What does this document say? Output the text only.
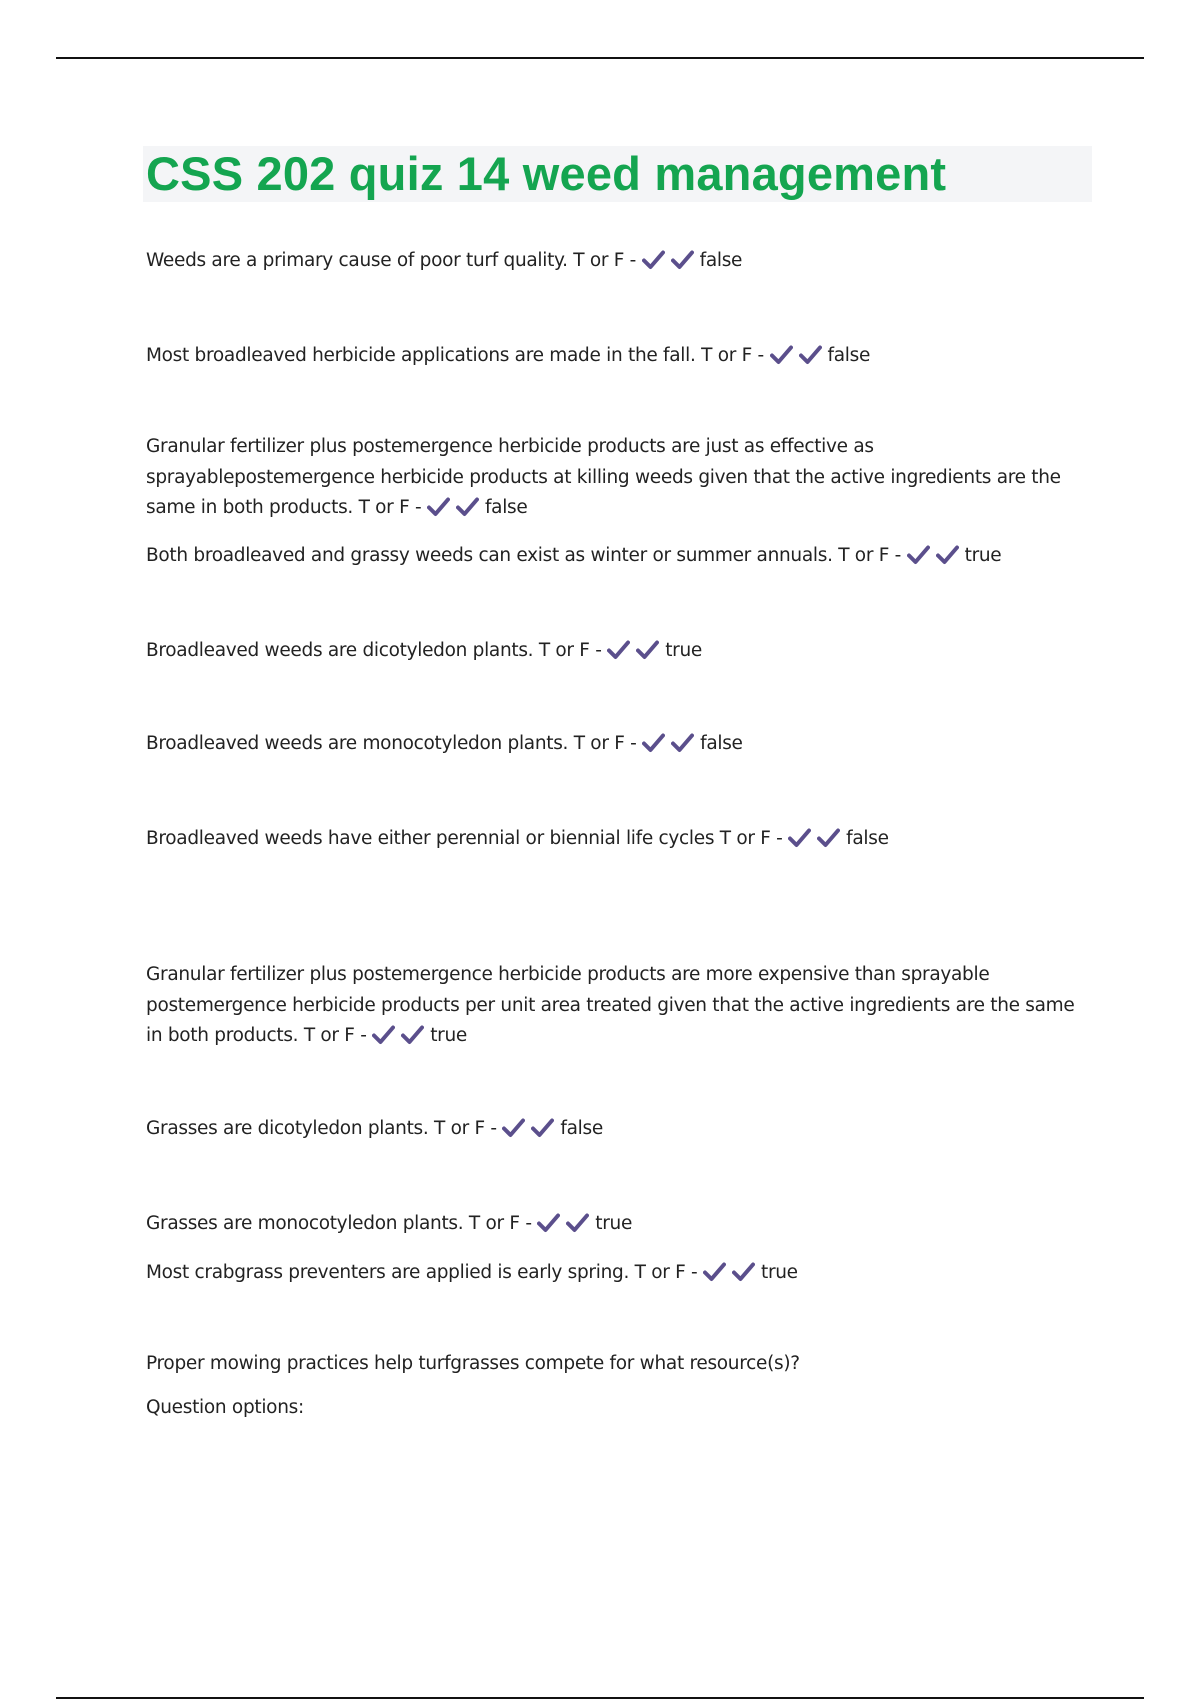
CSS 202 quiz 14 weed management

Weeds are a primary cause of poor turf quality. T or F -	false

Most broadleaved herbicide applications are made in the fall. T or F -	false

Granular fertilizer plus postemergence herbicide products are just as effective as sprayablepostemergence herbicide products at killing weeds given that the active ingredients are the same in both products. T or F -	false

Both broadleaved and grassy weeds can exist as winter or summer annuals. T or F -	true

Broadleaved weeds are dicotyledon plants. T or F -	true

Broadleaved weeds are monocotyledon plants. T or F -	false

Broadleaved weeds have either perennial or biennial life cycles T or F -	false

Granular fertilizer plus postemergence herbicide products are more expensive than sprayable postemergence herbicide products per unit area treated given that the active ingredients are the same in both products. T or F -	true

Grasses are dicotyledon plants. T or F -	false

Grasses are monocotyledon plants. T or F -	true

Most crabgrass preventers are applied is early spring. T or F -	true

Proper mowing practices help turfgrasses compete for what resource(s)?

Question options:
